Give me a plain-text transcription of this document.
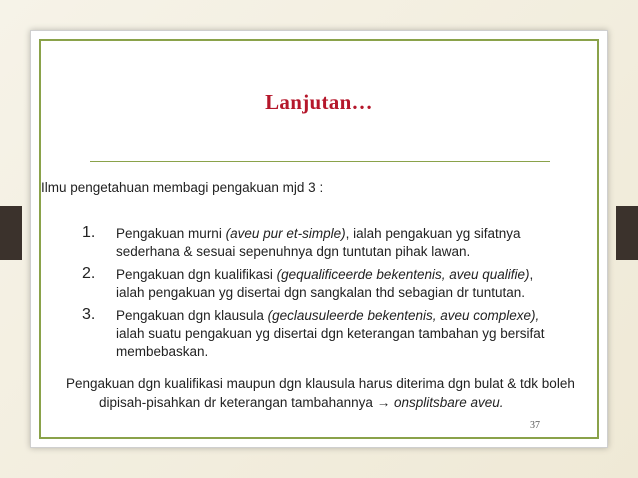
Lanjutan…
Ilmu pengetahuan membagi pengakuan mjd 3 :
1. Pengakuan murni (aveu pur et-simple), ialah pengakuan yg sifatnya sederhana & sesuai sepenuhnya dgn tuntutan pihak lawan.
2. Pengakuan dgn kualifikasi (gequalificeerde bekentenis, aveu qualifie), ialah pengakuan yg disertai dgn sangkalan thd sebagian dr tuntutan.
3. Pengakuan dgn klausula (geclausuleerde bekentenis, aveu complexe), ialah suatu pengakuan yg disertai dgn keterangan tambahan yg bersifat membebaskan.
Pengakuan dgn kualifikasi maupun dgn klausula harus diterima dgn bulat & tdk boleh dipisah-pisahkan dr keterangan tambahannya → onsplitsbare aveu.
37
